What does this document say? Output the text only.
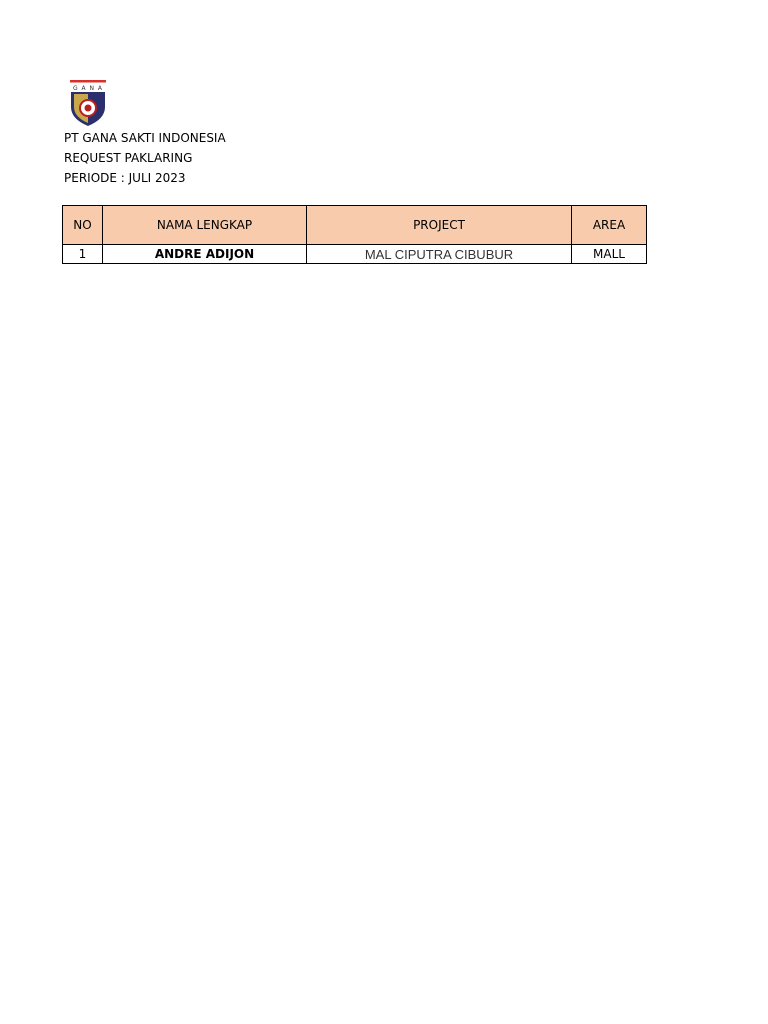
G A N A
PT GANA SAKTI INDONESIA
REQUEST PAKLARING
PERIODE : JULI 2023
NO	NAMA LENGKAP	PROJECT	AREA
1	ANDRE ADIJON	MAL CIPUTRA CIBUBUR	MALL
